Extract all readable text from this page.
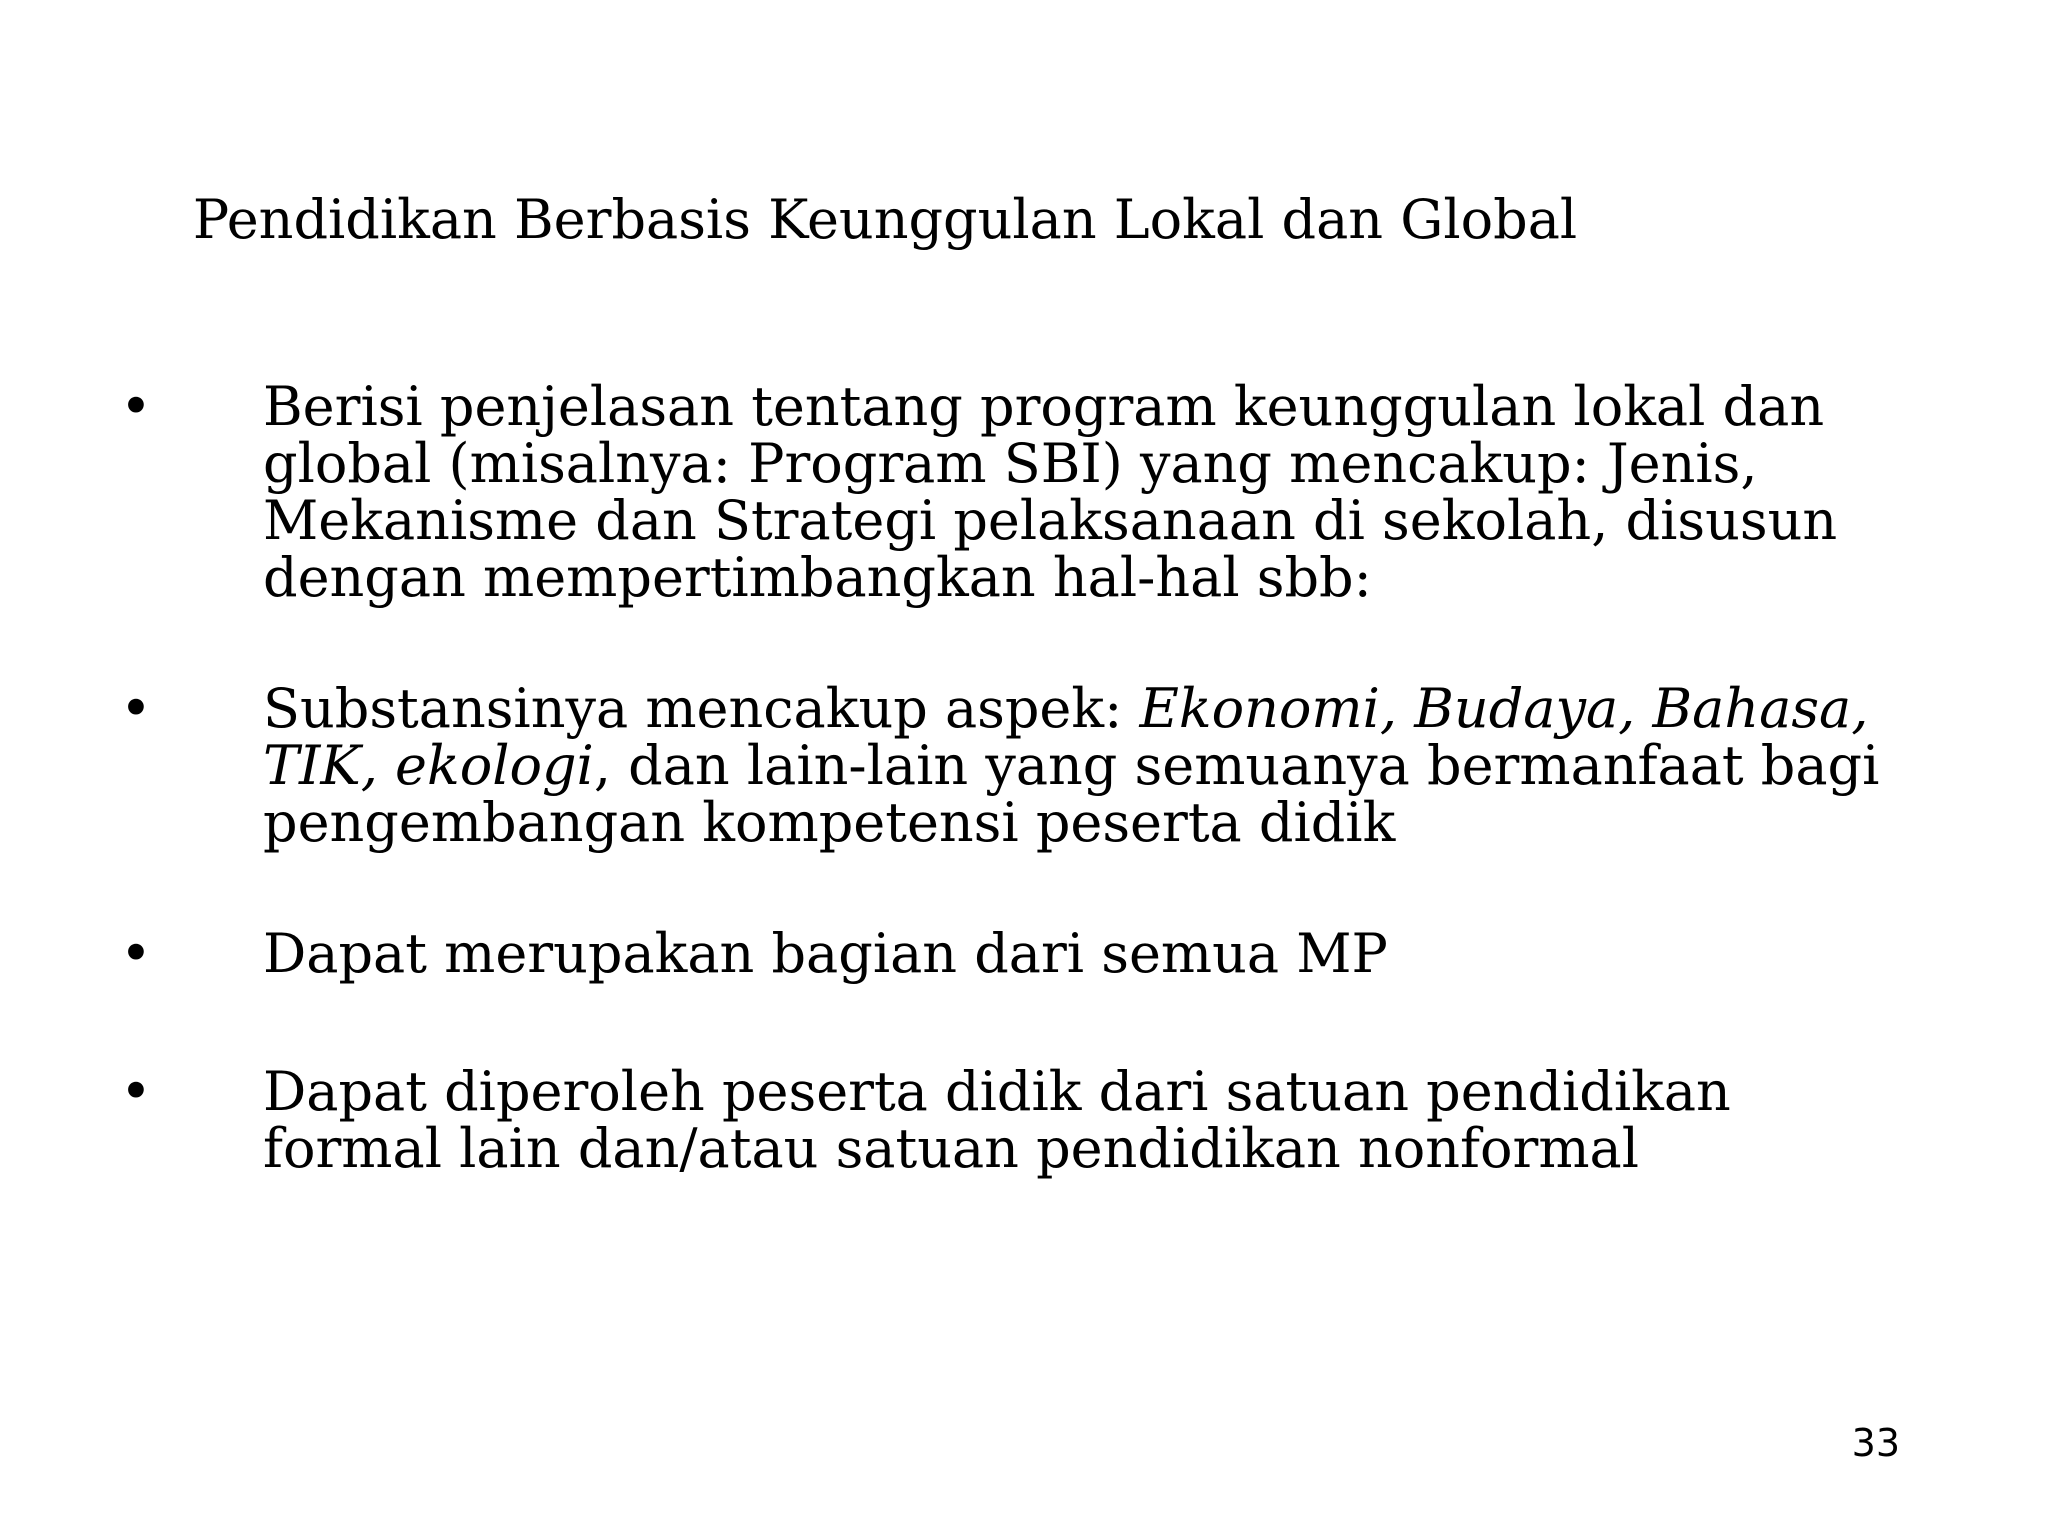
Pendidikan Berbasis Keunggulan Lokal dan Global
• Berisi penjelasan tentang program keunggulan lokal dan
global (misalnya: Program SBI) yang mencakup: Jenis,
Mekanisme dan Strategi pelaksanaan di sekolah, disusun
dengan mempertimbangkan hal-hal sbb:
• Substansinya mencakup aspek: Ekonomi, Budaya, Bahasa,
TIK, ekologi, dan lain-lain yang semuanya bermanfaat bagi
pengembangan kompetensi peserta didik
• Dapat merupakan bagian dari semua MP
• Dapat diperoleh peserta didik dari satuan pendidikan
formal lain dan/atau satuan pendidikan nonformal
33
